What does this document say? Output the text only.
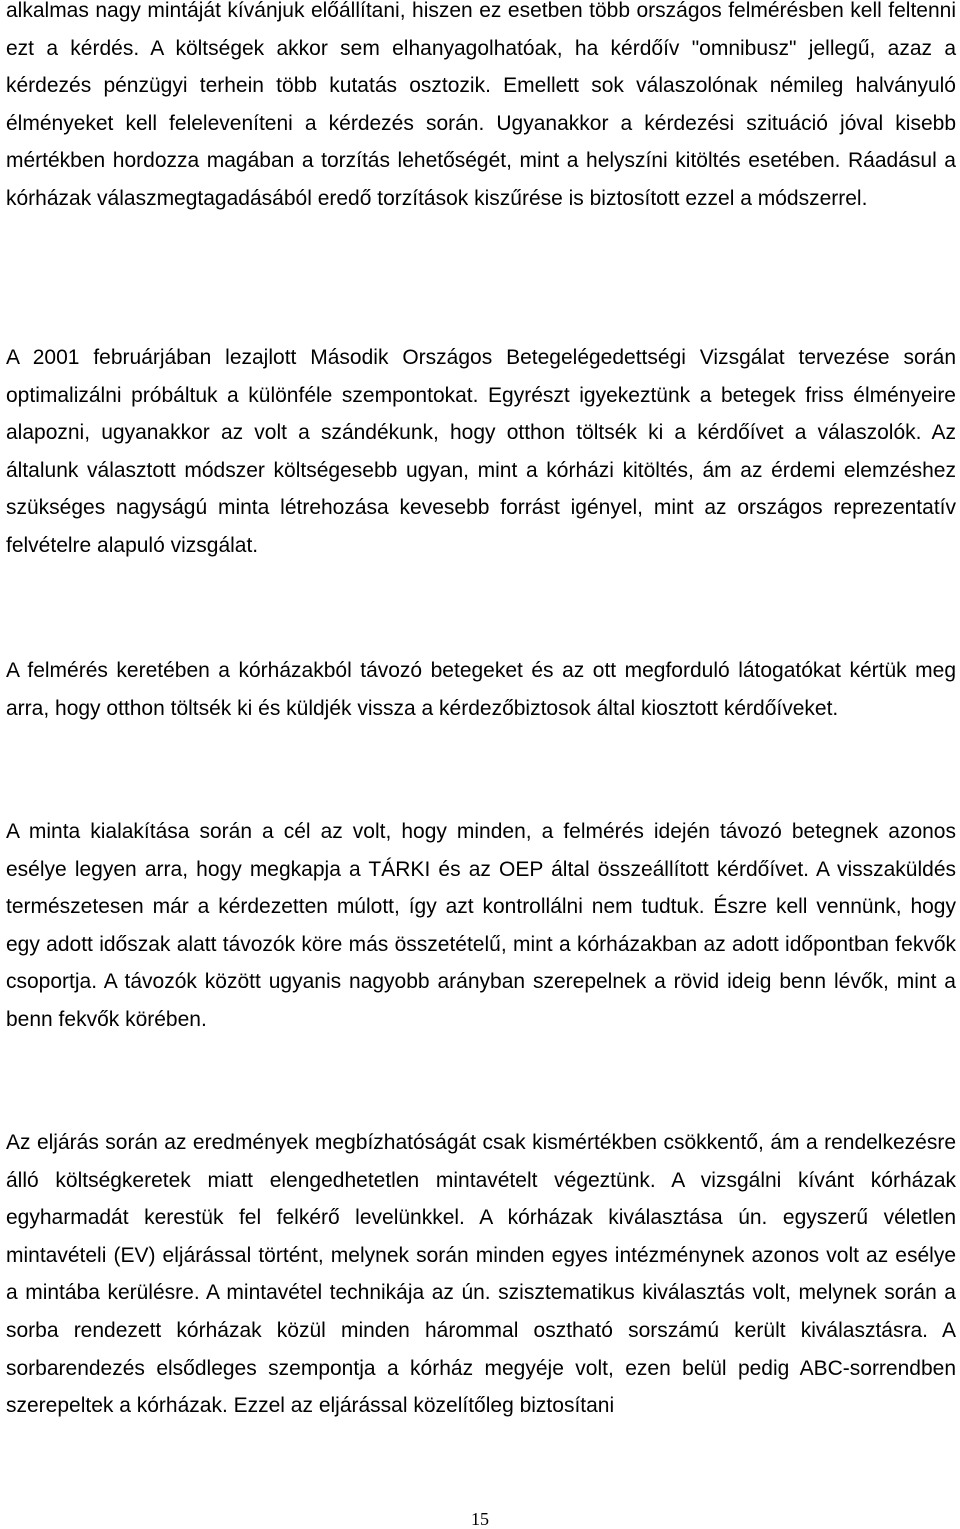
alkalmas nagy mintáját kívánjuk előállítani, hiszen ez esetben több országos felmérésben kell feltenni ezt a kérdés. A költségek akkor sem elhanyagolhatóak, ha kérdőív "omnibusz" jellegű, azaz a kérdezés pénzügyi terhein több kutatás osztozik. Emellett sok válaszolónak némileg halványuló élményeket kell feleleveníteni a kérdezés során. Ugyanakkor a kérdezési szituáció jóval kisebb mértékben hordozza magában a torzítás lehetőségét, mint a helyszíni kitöltés esetében. Ráadásul a kórházak válaszmegtagadásából eredő torzítások kiszűrése is biztosított ezzel a módszerrel.

A 2001 februárjában lezajlott Második Országos Betegelégedettségi Vizsgálat tervezése során optimalizálni próbáltuk a különféle szempontokat. Egyrészt igyekeztünk a betegek friss élményeire alapozni, ugyanakkor az volt a szándékunk, hogy otthon töltsék ki a kérdőívet a válaszolók. Az általunk választott módszer költségesebb ugyan, mint a kórházi kitöltés, ám az érdemi elemzéshez szükséges nagyságú minta létrehozása kevesebb forrást igényel, mint az országos reprezentatív felvételre alapuló vizsgálat.

A felmérés keretében a kórházakból távozó betegeket és az ott megforduló látogatókat kértük meg arra, hogy otthon töltsék ki és küldjék vissza a kérdezőbiztosok által kiosztott kérdőíveket.

A minta kialakítása során a cél az volt, hogy minden, a felmérés idején távozó betegnek azonos esélye legyen arra, hogy megkapja a TÁRKI és az OEP által összeállított kérdőívet. A visszaküldés természetesen már a kérdezetten múlott, így azt kontrollálni nem tudtuk. Észre kell vennünk, hogy egy adott időszak alatt távozók köre más összetételű, mint a kórházakban az adott időpontban fekvők csoportja. A távozók között ugyanis nagyobb arányban szerepelnek a rövid ideig benn lévők, mint a benn fekvők körében.

Az eljárás során az eredmények megbízhatóságát csak kismértékben csökkentő, ám a rendelkezésre álló költségkeretek miatt elengedhetetlen mintavételt végeztünk. A vizsgálni kívánt kórházak egyharmadát kerestük fel felkérő levelünkkel. A kórházak kiválasztása ún. egyszerű véletlen mintavételi (EV) eljárással történt, melynek során minden egyes intézménynek azonos volt az esélye a mintába kerülésre. A mintavétel technikája az ún. szisztematikus kiválasztás volt, melynek során a sorba rendezett kórházak közül minden hárommal osztható sorszámú került kiválasztásra. A sorbarendezés elsődleges szempontja a kórház megyéje volt, ezen belül pedig ABC-sorrendben szerepeltek a kórházak. Ezzel az eljárással közelítőleg biztosítani

15
